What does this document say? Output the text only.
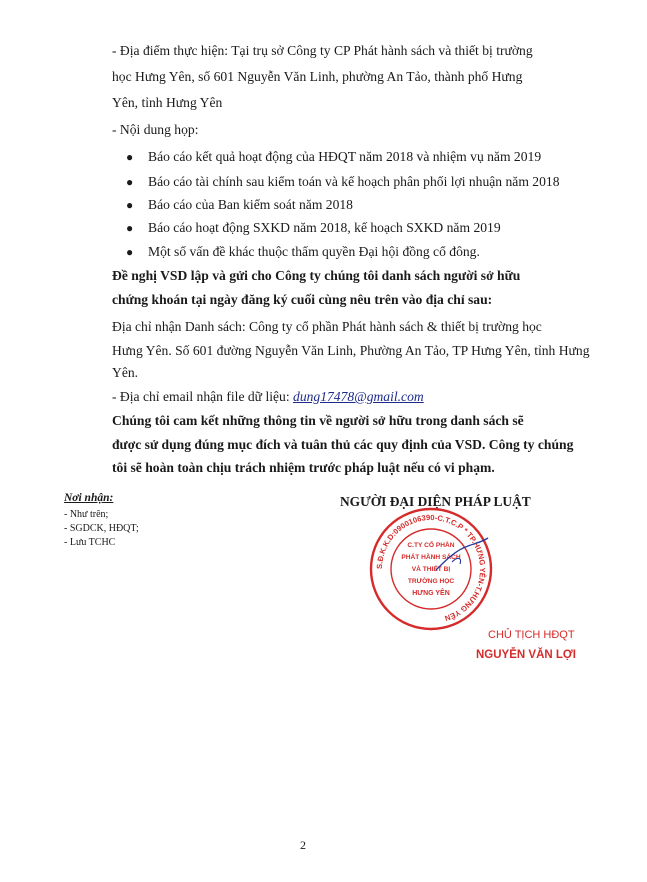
- Địa điểm thực hiện: Tại trụ sở Công ty CP Phát hành sách và thiết bị trường
học Hưng Yên, số 601 Nguyễn Văn Linh, phường An Tảo, thành phố Hưng
Yên, tỉnh Hưng Yên
- Nội dung họp:
● Báo cáo kết quả hoạt động của HĐQT năm 2018 và nhiệm vụ năm 2019
● Báo cáo tài chính sau kiểm toán và kế hoạch phân phối lợi nhuận năm 2018
● Báo cáo của Ban kiểm soát năm 2018
● Báo cáo hoạt động SXKD năm 2018, kế hoạch SXKD năm 2019
● Một số vấn đề khác thuộc thẩm quyền Đại hội đồng cổ đông.
Đề nghị VSD lập và gửi cho Công ty chúng tôi danh sách người sở hữu
chứng khoán tại ngày đăng ký cuối cùng nêu trên vào địa chỉ sau:
Địa chỉ nhận Danh sách: Công ty cổ phần Phát hành sách & thiết bị trường học
Hưng Yên. Số 601 đường Nguyễn Văn Linh, Phường An Tảo, TP Hưng Yên, tỉnh Hưng
Yên.
- Địa chỉ email nhận file dữ liệu: dung17478@gmail.com
Chúng tôi cam kết những thông tin về người sở hữu trong danh sách sẽ
được sử dụng đúng mục đích và tuân thủ các quy định của VSD. Công ty chúng
tôi sẽ hoàn toàn chịu trách nhiệm trước pháp luật nếu có vi phạm.
Nơi nhận:
- Như trên;
- SGDCK, HĐQT;
- Lưu TCHC
NGƯỜI ĐẠI DIỆN PHÁP LUẬT
S.Đ.K.K.D:0900106390-C.T.C.P * TP.HƯNG YÊN-T.HƯNG YÊN
C.TY CỔ PHẦN
PHÁT HÀNH SÁCH
VÀ THIẾT BỊ
TRƯỜNG HỌC
HƯNG YÊN
CHỦ TỊCH HĐQT
NGUYỄN VĂN LỢI
2
